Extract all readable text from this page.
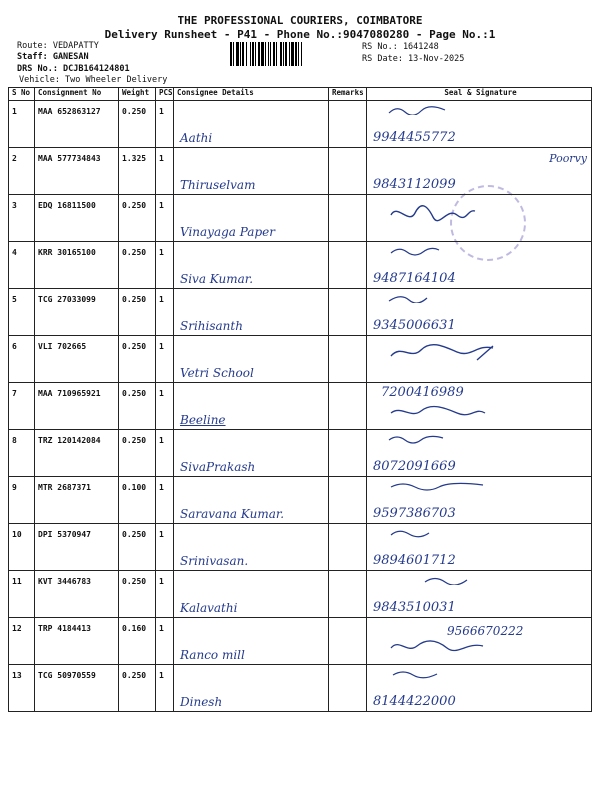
THE PROFESSIONAL COURIERS, COIMBATORE
Delivery Runsheet - P41 - Phone No.:9047080280 - Page No.:1
Route: VEDAPATTY
Staff: GANESAN
DRS No.: DCJB164124801
Vehicle: Two Wheeler Delivery
RS No.: 1641248
RS Date: 13-Nov-2025
S No	Consignment No	Weight	PCS	Consignee Details	Remarks	Seal & Signature
1	MAA 652863127	0.250	1	Aathi		9944455772

2	MAA 577734843	1.325	1	Thiruselvam		9843112099
Poorvy

3	EDQ 16811500	0.250	1	Vinayaga Paper

4	KRR 30165100	0.250	1	Siva Kumar.		9487164104

5	TCG 27033099	0.250	1	Srihisanth		9345006631

6	VLI 702665	0.250	1	Vetri School

7	MAA 710965921	0.250	1	Beeline		7200416989

8	TRZ 120142084	0.250	1	SivaPrakash		8072091669

9	MTR 2687371	0.100	1	Saravana Kumar.		9597386703

10	DPI 5370947	0.250	1	Srinivasan.		9894601712

11	KVT 3446783	0.250	1	Kalavathi		9843510031

12	TRP 4184413	0.160	1	Ranco mill		9566670222

13	TCG 50970559	0.250	1	Dinesh		8144422000
